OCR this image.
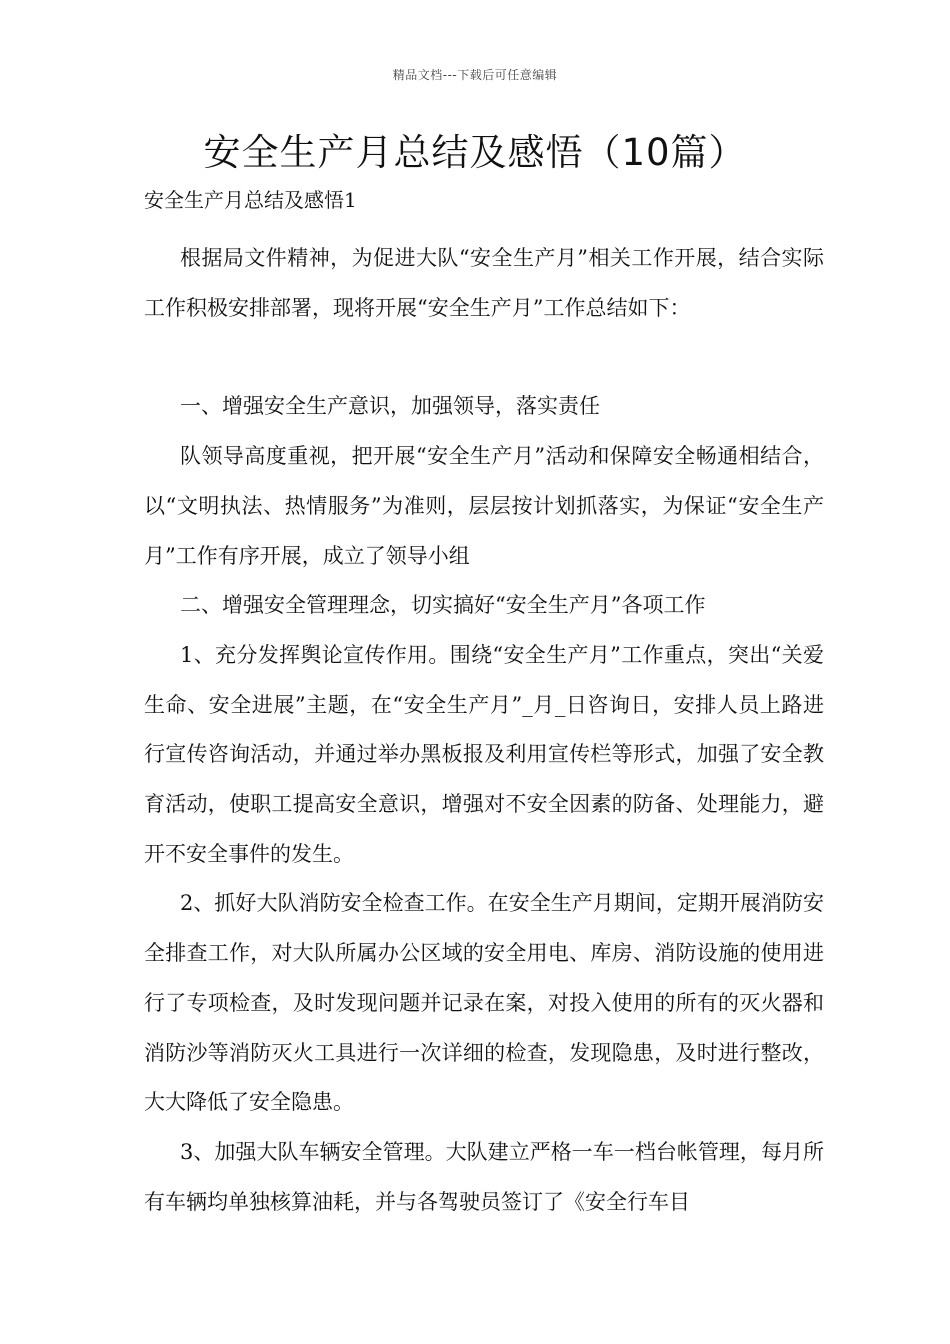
精品文档---下载后可任意编辑
安全生产月总结及感悟（10篇）
安全生产月总结及感悟1

根据局文件精神，为促进大队“安全生产月”相关工作开展，结合实际工作积极安排部署，现将开展“安全生产月”工作总结如下：

一、增强安全生产意识，加强领导，落实责任

队领导高度重视，把开展“安全生产月”活动和保障安全畅通相结合，以“文明执法、热情服务”为准则，层层按计划抓落实，为保证“安全生产月”工作有序开展，成立了领导小组

二、增强安全管理理念，切实搞好“安全生产月”各项工作

1、充分发挥舆论宣传作用。围绕“安全生产月”工作重点，突出“关爱生命、安全进展”主题，在“安全生产月”_月_日咨询日，安排人员上路进行宣传咨询活动，并通过举办黑板报及利用宣传栏等形式，加强了安全教育活动，使职工提高安全意识，增强对不安全因素的防备、处理能力，避开不安全事件的发生。

2、抓好大队消防安全检查工作。在安全生产月期间，定期开展消防安全排查工作，对大队所属办公区域的安全用电、库房、消防设施的使用进行了专项检查，及时发现问题并记录在案，对投入使用的所有的灭火器和消防沙等消防灭火工具进行一次详细的检查，发现隐患，及时进行整改，大大降低了安全隐患。

3、加强大队车辆安全管理。大队建立严格一车一档台帐管理，每月所有车辆均单独核算油耗，并与各驾驶员签订了《安全行车目
